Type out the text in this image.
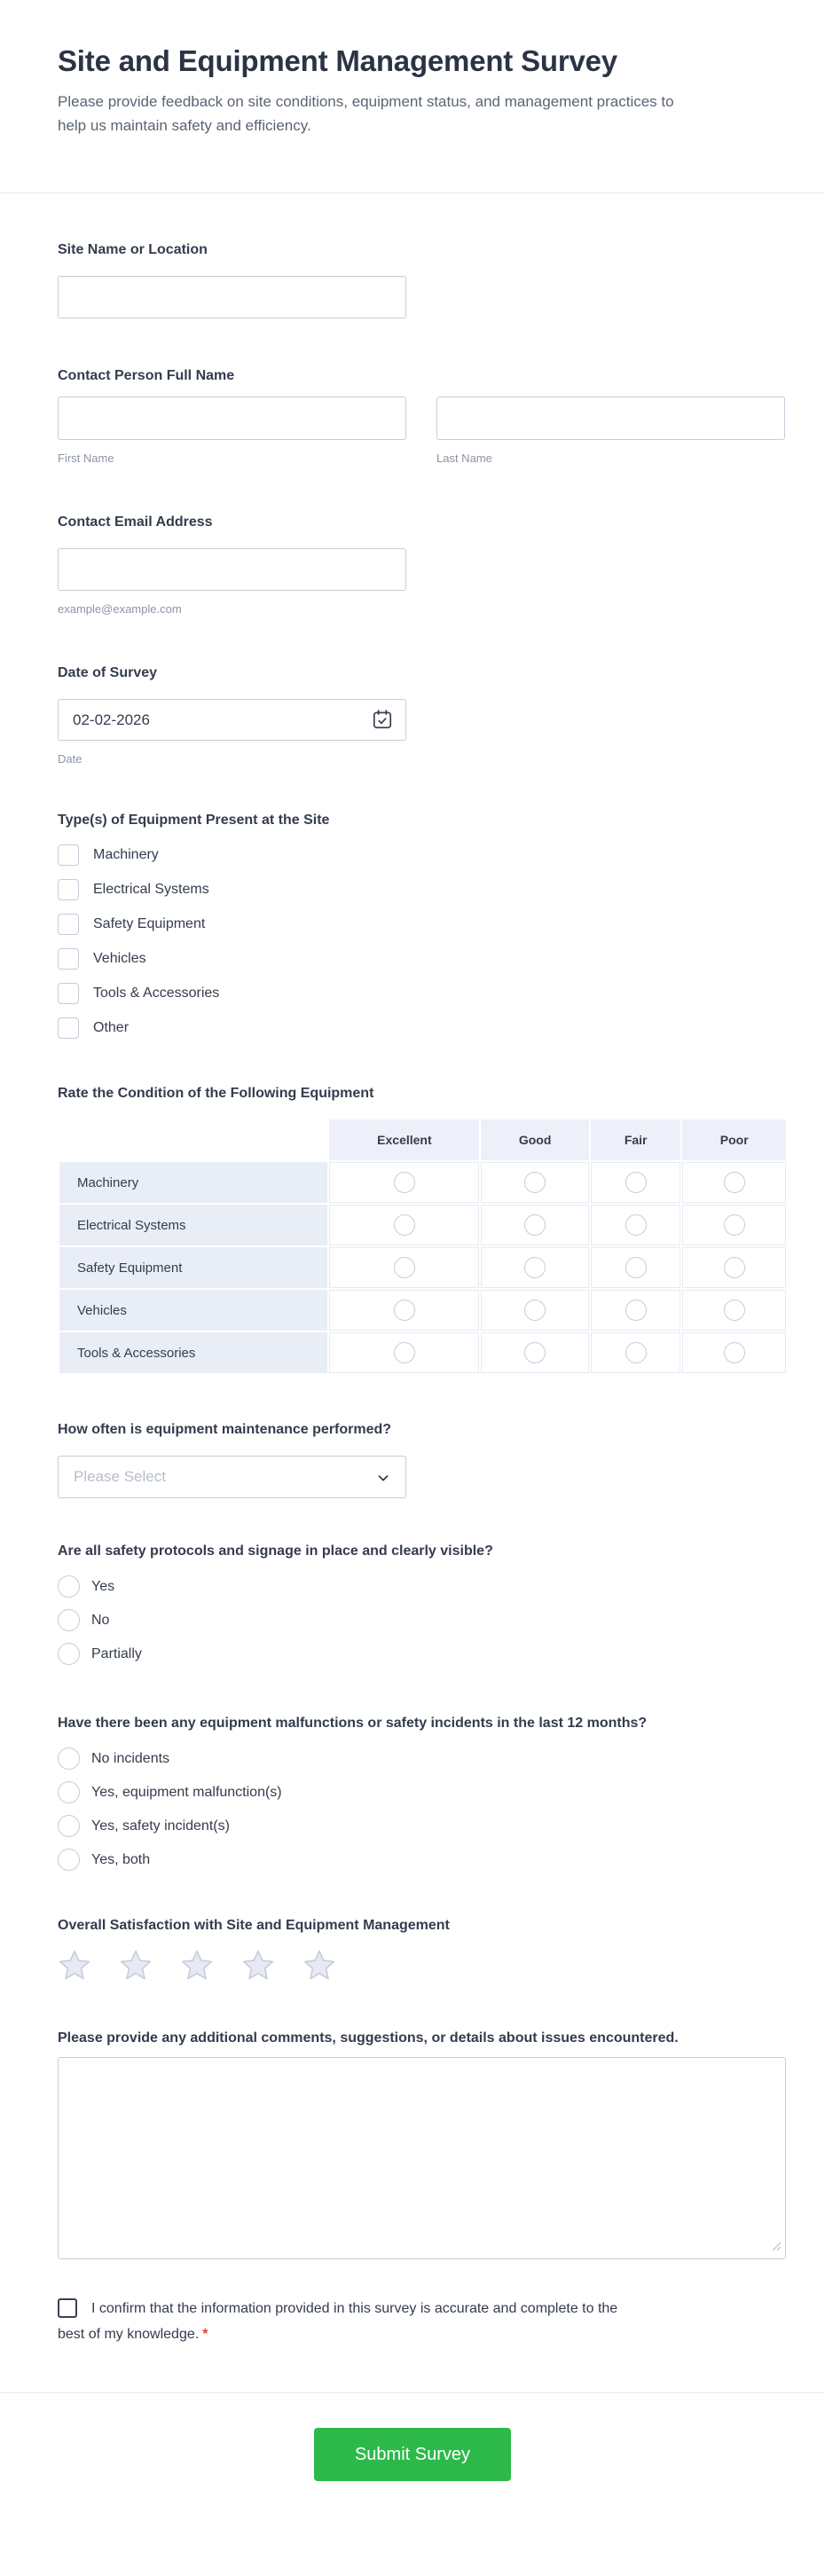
Site and Equipment Management Survey
Please provide feedback on site conditions, equipment status, and management practices to help us maintain safety and efficiency.
Site Name or Location
Contact Person Full Name
First Name	Last Name
Contact Email Address
example@example.com
Date of Survey
02-02-2026
Date
Type(s) of Equipment Present at the Site
Machinery
Electrical Systems
Safety Equipment
Vehicles
Tools & Accessories
Other
Rate the Condition of the Following Equipment
	Excellent	Good	Fair	Poor
Machinery				
Electrical Systems				
Safety Equipment				
Vehicles				
Tools & Accessories				
How often is equipment maintenance performed?
Please Select
Are all safety protocols and signage in place and clearly visible?
Yes
No
Partially
Have there been any equipment malfunctions or safety incidents in the last 12 months?
No incidents
Yes, equipment malfunction(s)
Yes, safety incident(s)
Yes, both
Overall Satisfaction with Site and Equipment Management
Please provide any additional comments, suggestions, or details about issues encountered.
I confirm that the information provided in this survey is accurate and complete to the best of my knowledge. *
Submit Survey
